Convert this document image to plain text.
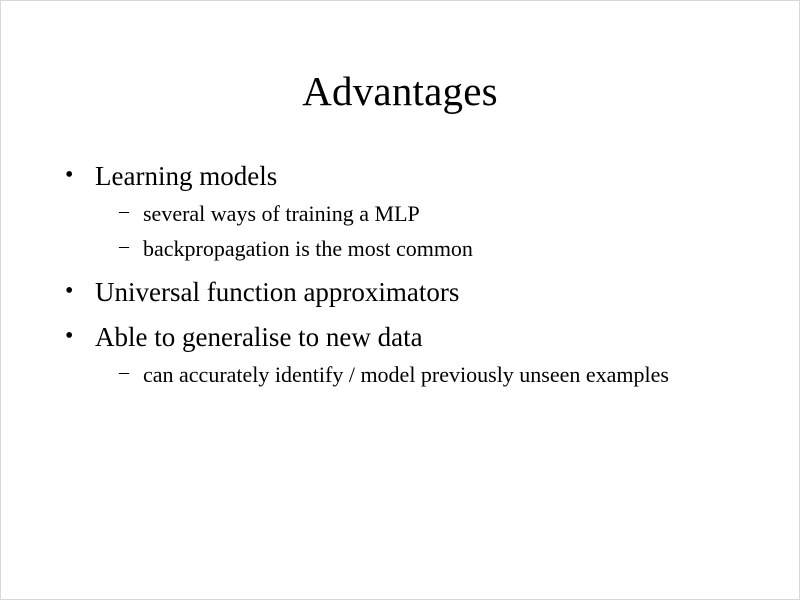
Advantages
• Learning models
– several ways of training a MLP
– backpropagation is the most common
• Universal function approximators
• Able to generalise to new data
– can accurately identify / model previously unseen examples
